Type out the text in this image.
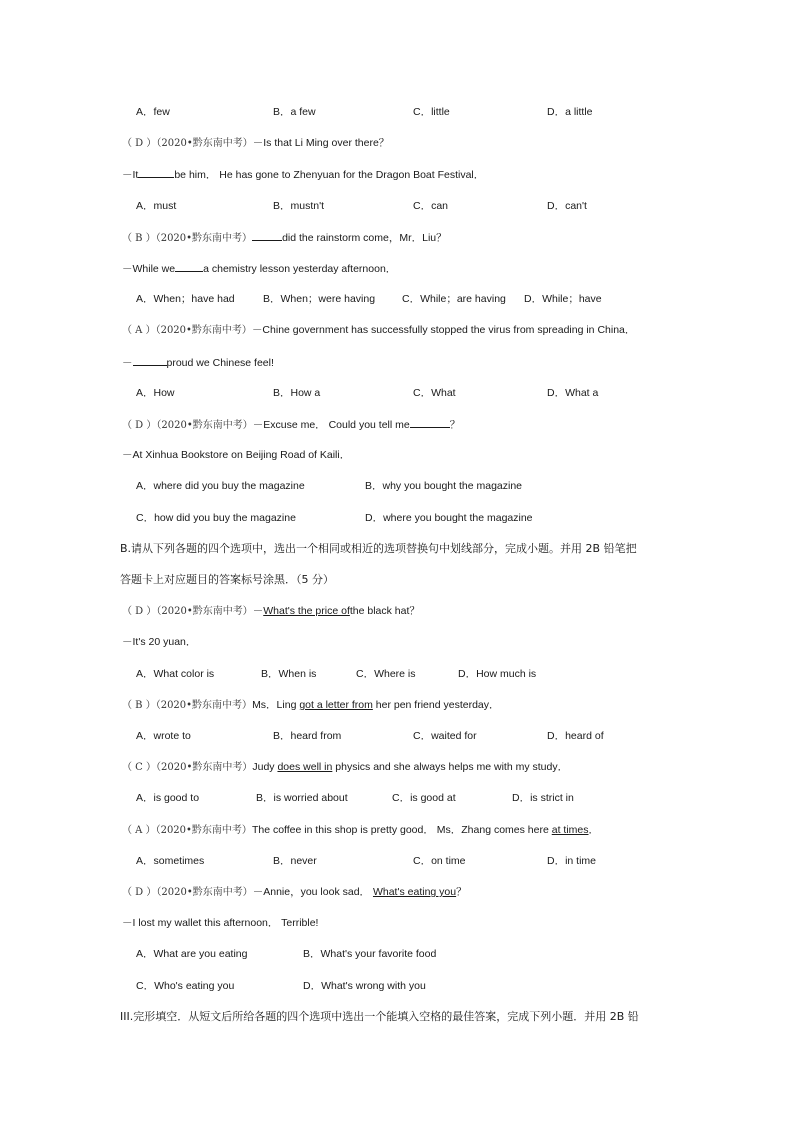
A．few	B．a few	C．little	D．a little
（ D ）（2020•黔东南中考）－Is that Li Ming over there？
－It	be him． He has gone to Zhenyuan for the Dragon Boat Festival．
A．must	B．mustn't	C．can	D．can't
（ B ）（2020•黔东南中考）	did the rainstorm come，Mr．Liu？
－While we	a chemistry lesson yesterday afternoon．
A．When；have had	B．When；were having	C．While；are having D．While；have
（ A ）（2020•黔东南中考）－Chine government has successfully stopped the virus from spreading in China．
－	proud we Chinese feel!
A．How	B．How a	C．What	D．What a
（ D ）（2020•黔东南中考）－Excuse me． Could you tell me	？
－At Xinhua Bookstore on Beijing Road of Kaili．
A．where did you buy the magazine	B．why you bought the magazine
C．how did you buy the magazine	D．where you bought the magazine
B.请从下列各题的四个选项中，选出一个相同或相近的选项替换句中划线部分，完成小题。并用 2B 铅笔把
答题卡上对应题目的答案标号涂黑．（5 分）
（ D ）（2020•黔东南中考）－What's the price ofthe black hat？
－It's 20 yuan．
A．What color is	B．When is	C．Where is	D．How much is
（ B ）（2020•黔东南中考）Ms．Ling got a letter from her pen friend yesterday．
A．wrote to	B．heard from	C．waited for	D．heard of
（ C ）（2020•黔东南中考）Judy does well in physics and she always helps me with my study．
A．is good to	B．is worried about	C．is good at	D．is strict in
（ A ）（2020•黔东南中考）The coffee in this shop is pretty good． Ms．Zhang comes here at times．
A．sometimes	B．never	C．on time	D．in time
（ D ）（2020•黔东南中考）－Annie，you look sad． What's eating you？
－I lost my wallet this afternoon． Terrible!
A．What are you eating	B．What's your favorite food
C．Who's eating you	D．What's wrong with you
III.完形填空．从短文后所给各题的四个选项中选出一个能填入空格的最佳答案，完成下列小题．并用 2B 铅
